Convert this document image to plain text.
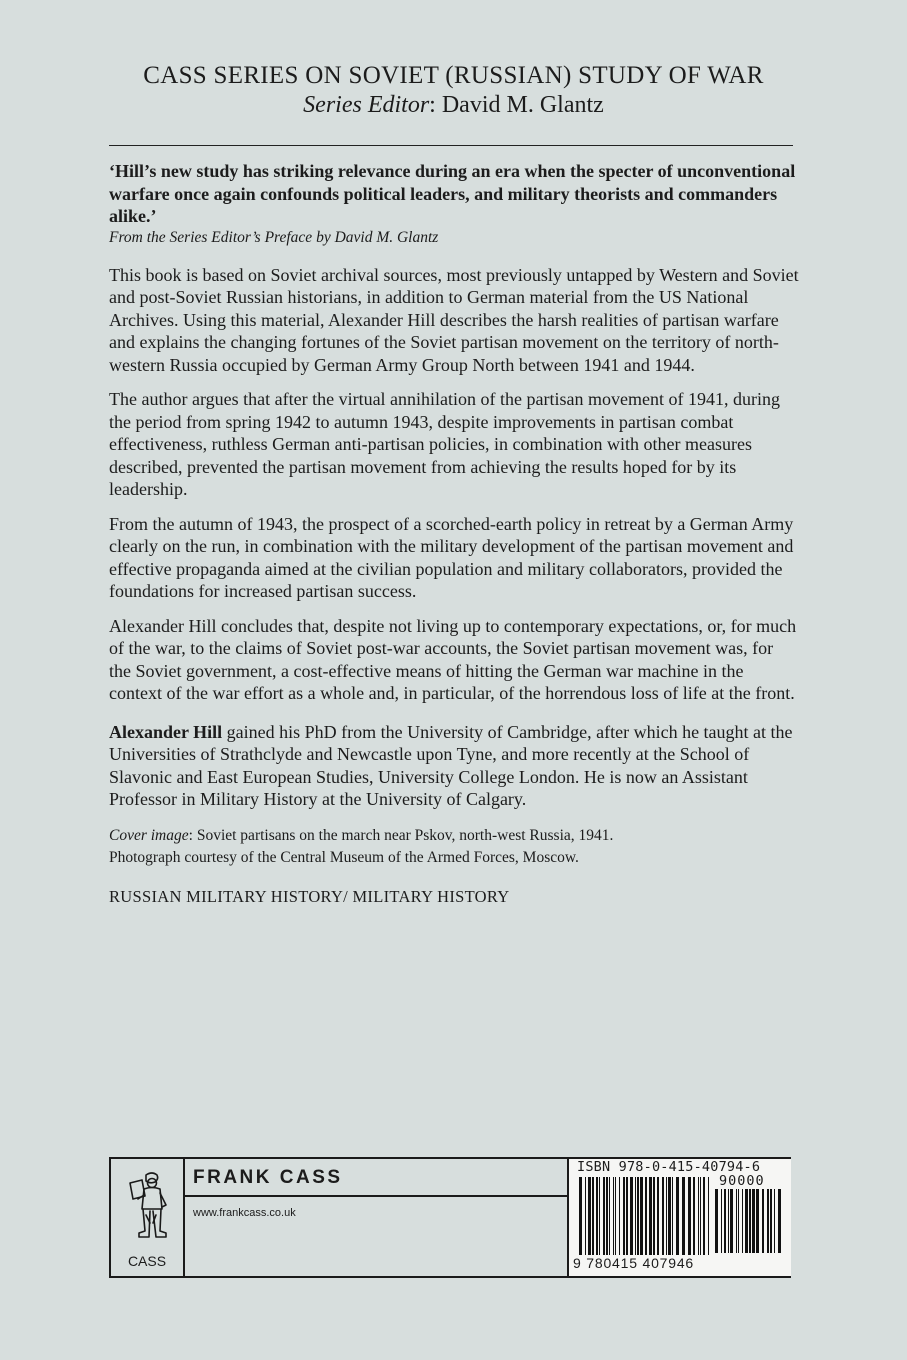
CASS SERIES ON SOVIET (RUSSIAN) STUDY OF WAR
Series Editor: David M. Glantz

‘Hill’s new study has striking relevance during an era when the specter of unconventional warfare once again confounds political leaders, and military theorists and commanders alike.’

From the Series Editor’s Preface by David M. Glantz

This book is based on Soviet archival sources, most previously untapped by Western and Soviet and post-Soviet Russian historians, in addition to German material from the US National Archives. Using this material, Alexander Hill describes the harsh realities of partisan warfare and explains the changing fortunes of the Soviet partisan movement on the territory of north-western Russia occupied by German Army Group North between 1941 and 1944.

The author argues that after the virtual annihilation of the partisan movement of 1941, during the period from spring 1942 to autumn 1943, despite improvements in partisan combat effectiveness, ruthless German anti-partisan policies, in combination with other measures described, prevented the partisan movement from achieving the results hoped for by its leadership.

From the autumn of 1943, the prospect of a scorched-earth policy in retreat by a German Army clearly on the run, in combination with the military development of the partisan movement and effective propaganda aimed at the civilian population and military collaborators, provided the foundations for increased partisan success.

Alexander Hill concludes that, despite not living up to contemporary expectations, or, for much of the war, to the claims of Soviet post-war accounts, the Soviet partisan movement was, for the Soviet government, a cost-effective means of hitting the German war machine in the context of the war effort as a whole and, in particular, of the horrendous loss of life at the front.

Alexander Hill gained his PhD from the University of Cambridge, after which he taught at the Universities of Strathclyde and Newcastle upon Tyne, and more recently at the School of Slavonic and East European Studies, University College London. He is now an Assistant Professor in Military History at the University of Calgary.

Cover image: Soviet partisans on the march near Pskov, north-west Russia, 1941.
Photograph courtesy of the Central Museum of the Armed Forces, Moscow.

RUSSIAN MILITARY HISTORY/ MILITARY HISTORY

CASS
FRANK CASS
www.frankcass.co.uk
ISBN 978-0-415-40794-6
90000
9 780415 407946
